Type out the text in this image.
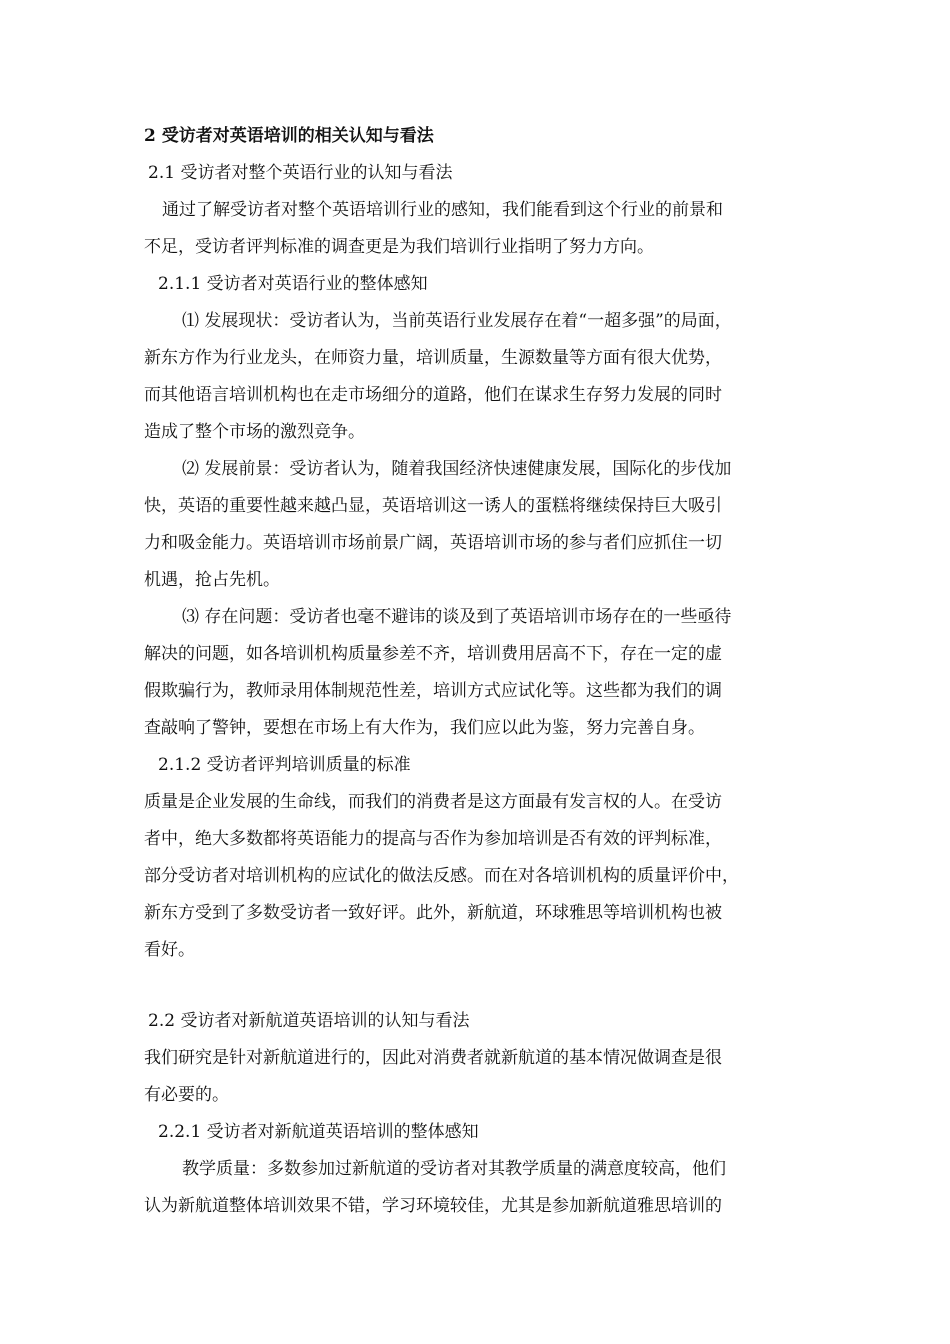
2 受访者对英语培训的相关认知与看法
2.1 受访者对整个英语行业的认知与看法
通过了解受访者对整个英语培训行业的感知，我们能看到这个行业的前景和
不足，受访者评判标准的调查更是为我们培训行业指明了努力方向。
2.1.1 受访者对英语行业的整体感知
⑴ 发展现状：受访者认为，当前英语行业发展存在着“一超多强”的局面，
新东方作为行业龙头，在师资力量，培训质量，生源数量等方面有很大优势，
而其他语言培训机构也在走市场细分的道路，他们在谋求生存努力发展的同时
造成了整个市场的激烈竞争。
⑵ 发展前景：受访者认为，随着我国经济快速健康发展，国际化的步伐加
快，英语的重要性越来越凸显，英语培训这一诱人的蛋糕将继续保持巨大吸引
力和吸金能力。英语培训市场前景广阔，英语培训市场的参与者们应抓住一切
机遇，抢占先机。
⑶ 存在问题：受访者也毫不避讳的谈及到了英语培训市场存在的一些亟待
解决的问题，如各培训机构质量参差不齐，培训费用居高不下，存在一定的虚
假欺骗行为，教师录用体制规范性差，培训方式应试化等。这些都为我们的调
查敲响了警钟，要想在市场上有大作为，我们应以此为鉴，努力完善自身。
2.1.2 受访者评判培训质量的标准
质量是企业发展的生命线，而我们的消费者是这方面最有发言权的人。在受访
者中，绝大多数都将英语能力的提高与否作为参加培训是否有效的评判标准，
部分受访者对培训机构的应试化的做法反感。而在对各培训机构的质量评价中，
新东方受到了多数受访者一致好评。此外，新航道，环球雅思等培训机构也被
看好。
2.2 受访者对新航道英语培训的认知与看法
我们研究是针对新航道进行的，因此对消费者就新航道的基本情况做调查是很
有必要的。
2.2.1 受访者对新航道英语培训的整体感知
教学质量：多数参加过新航道的受访者对其教学质量的满意度较高，他们
认为新航道整体培训效果不错，学习环境较佳，尤其是参加新航道雅思培训的
